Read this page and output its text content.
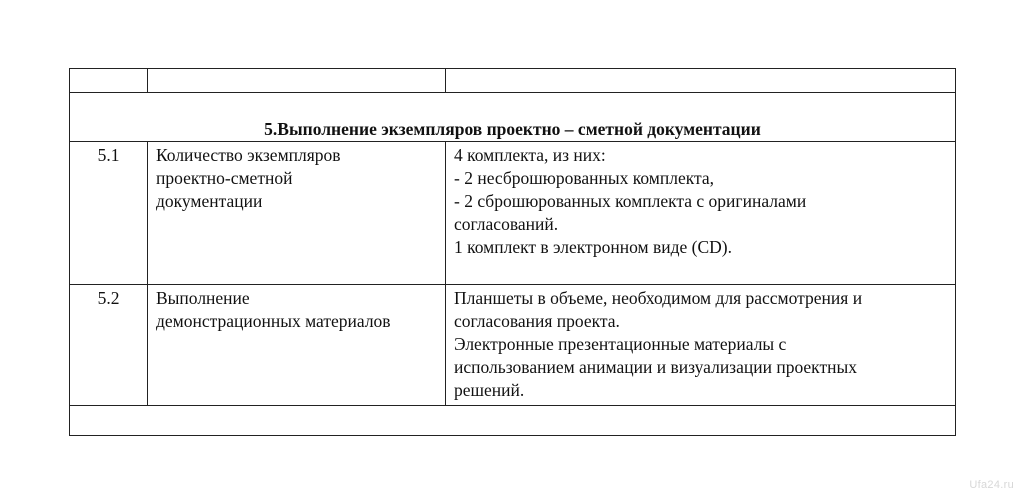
5.Выполнение экземпляров проектно – сметной документации		
5.1	Количество экземпляров
проектно-сметной
документации	4 комплекта, из них:
- 2 несброшюрованных комплекта,
- 2 сброшюрованных комплекта с оригиналами
согласований.
1 комплект в электронном виде (CD).

5.2	Выполнение
демонстрационных материалов	Планшеты в объеме, необходимом для рассмотрения и
согласования проекта.
Электронные презентационные материалы с
использованием анимации и визуализации проектных
решений.

Ufa24.ru
